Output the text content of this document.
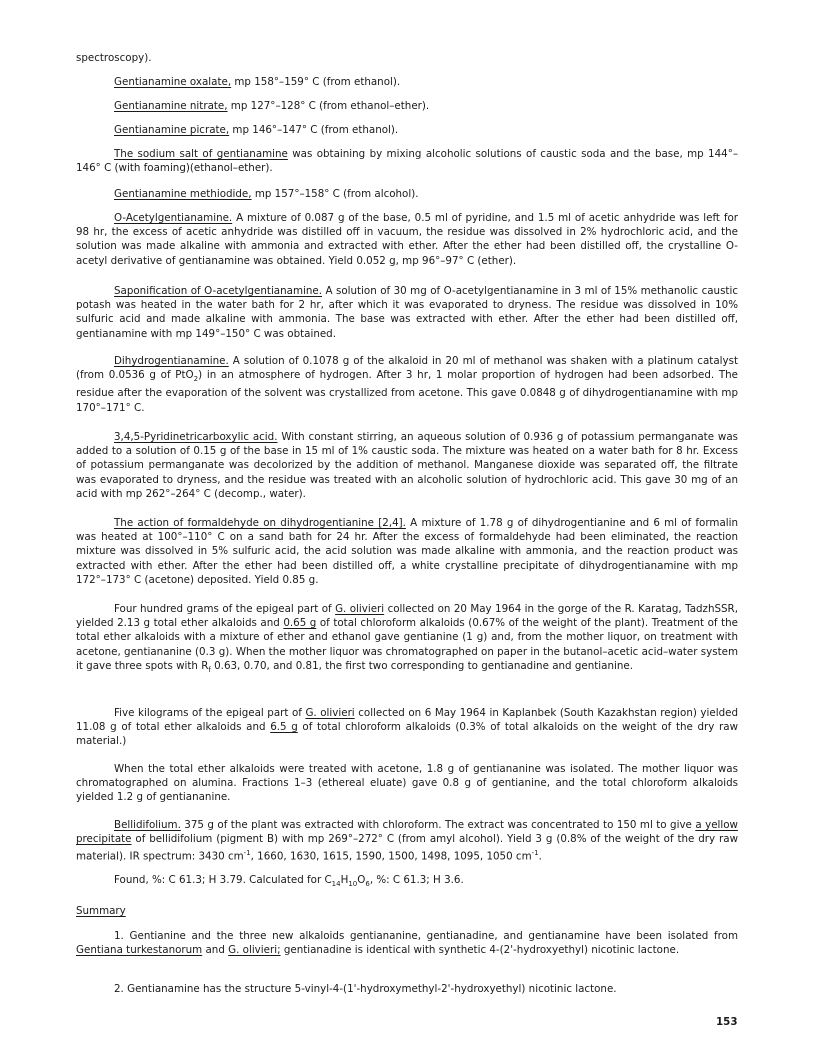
spectroscopy).

Gentianamine oxalate, mp 158°–159° C (from ethanol).

Gentianamine nitrate, mp 127°–128° C (from ethanol–ether).

Gentianamine picrate, mp 146°–147° C (from ethanol).

The sodium salt of gentianamine was obtaining by mixing alcoholic solutions of caustic soda and the base, mp 144°–146° C (with foaming)(ethanol–ether).

Gentianamine methiodide, mp 157°–158° C (from alcohol).

O-Acetylgentianamine. A mixture of 0.087 g of the base, 0.5 ml of pyridine, and 1.5 ml of acetic anhydride was left for 98 hr, the excess of acetic anhydride was distilled off in vacuum, the residue was dissolved in 2% hydrochloric acid, and the solution was made alkaline with ammonia and extracted with ether. After the ether had been distilled off, the crystalline O-acetyl derivative of gentianamine was obtained. Yield 0.052 g, mp 96°–97° C (ether).

Saponification of O-acetylgentianamine. A solution of 30 mg of O-acetylgentianamine in 3 ml of 15% methanolic caustic potash was heated in the water bath for 2 hr, after which it was evaporated to dryness. The residue was dissolved in 10% sulfuric acid and made alkaline with ammonia. The base was extracted with ether. After the ether had been distilled off, gentianamine with mp 149°–150° C was obtained.

Dihydrogentianamine. A solution of 0.1078 g of the alkaloid in 20 ml of methanol was shaken with a platinum catalyst (from 0.0536 g of PtO$_2$) in an atmosphere of hydrogen. After 3 hr, 1 molar proportion of hydrogen had been adsorbed. The residue after the evaporation of the solvent was crystallized from acetone. This gave 0.0848 g of dihydrogentianamine with mp 170°–171° C.

3,4,5-Pyridinetricarboxylic acid. With constant stirring, an aqueous solution of 0.936 g of potassium permanganate was added to a solution of 0.15 g of the base in 15 ml of 1% caustic soda. The mixture was heated on a water bath for 8 hr. Excess of potassium permanganate was decolorized by the addition of methanol. Manganese dioxide was separated off, the filtrate was evaporated to dryness, and the residue was treated with an alcoholic solution of hydrochloric acid. This gave 30 mg of an acid with mp 262°–264° C (decomp., water).

The action of formaldehyde on dihydrogentianine [2,4]. A mixture of 1.78 g of dihydrogentianine and 6 ml of formalin was heated at 100°–110° C on a sand bath for 24 hr. After the excess of formaldehyde had been eliminated, the reaction mixture was dissolved in 5% sulfuric acid, the acid solution was made alkaline with ammonia, and the reaction product was extracted with ether. After the ether had been distilled off, a white crystalline precipitate of dihydrogentianamine with mp 172°–173° C (acetone) deposited. Yield 0.85 g.

Four hundred grams of the epigeal part of G. olivieri collected on 20 May 1964 in the gorge of the R. Karatag, TadzhSSR, yielded 2.13 g total ether alkaloids and 0.65 g of total chloroform alkaloids (0.67% of the weight of the plant). Treatment of the total ether alkaloids with a mixture of ether and ethanol gave gentianine (1 g) and, from the mother liquor, on treatment with acetone, gentiananine (0.3 g). When the mother liquor was chromatographed on paper in the butanol–acetic acid–water system it gave three spots with $R_f$ 0.63, 0.70, and 0.81, the first two corresponding to gentianadine and gentianine.

Five kilograms of the epigeal part of G. olivieri collected on 6 May 1964 in Kaplanbek (South Kazakhstan region) yielded 11.08 g of total ether alkaloids and 6.5 g of total chloroform alkaloids (0.3% of total alkaloids on the weight of the dry raw material.)

When the total ether alkaloids were treated with acetone, 1.8 g of gentiananine was isolated. The mother liquor was chromatographed on alumina. Fractions 1–3 (ethereal eluate) gave 0.8 g of gentianine, and the total chloroform alkaloids yielded 1.2 g of gentiananine.

Bellidifolium. 375 g of the plant was extracted with chloroform. The extract was concentrated to 150 ml to give a yellow precipitate of bellidifolium (pigment B) with mp 269°–272° C (from amyl alcohol). Yield 3 g (0.8% of the weight of the dry raw material). IR spectrum: 3430 $cm^{-1}$, 1660, 1630, 1615, 1590, 1500, 1498, 1095, 1050 $cm^{-1}$.

Found, %: C 61.3; H 3.79. Calculated for $C_{14}H_{10}O_6$, %: C 61.3; H 3.6.

Summary

1. Gentianine and the three new alkaloids gentiananine, gentianadine, and gentianamine have been isolated from Gentiana turkestanorum and G. olivieri; gentianadine is identical with synthetic 4-(2'-hydroxyethyl) nicotinic lactone.

2. Gentianamine has the structure 5-vinyl-4-(1'-hydroxymethyl-2'-hydroxyethyl) nicotinic lactone.

153
